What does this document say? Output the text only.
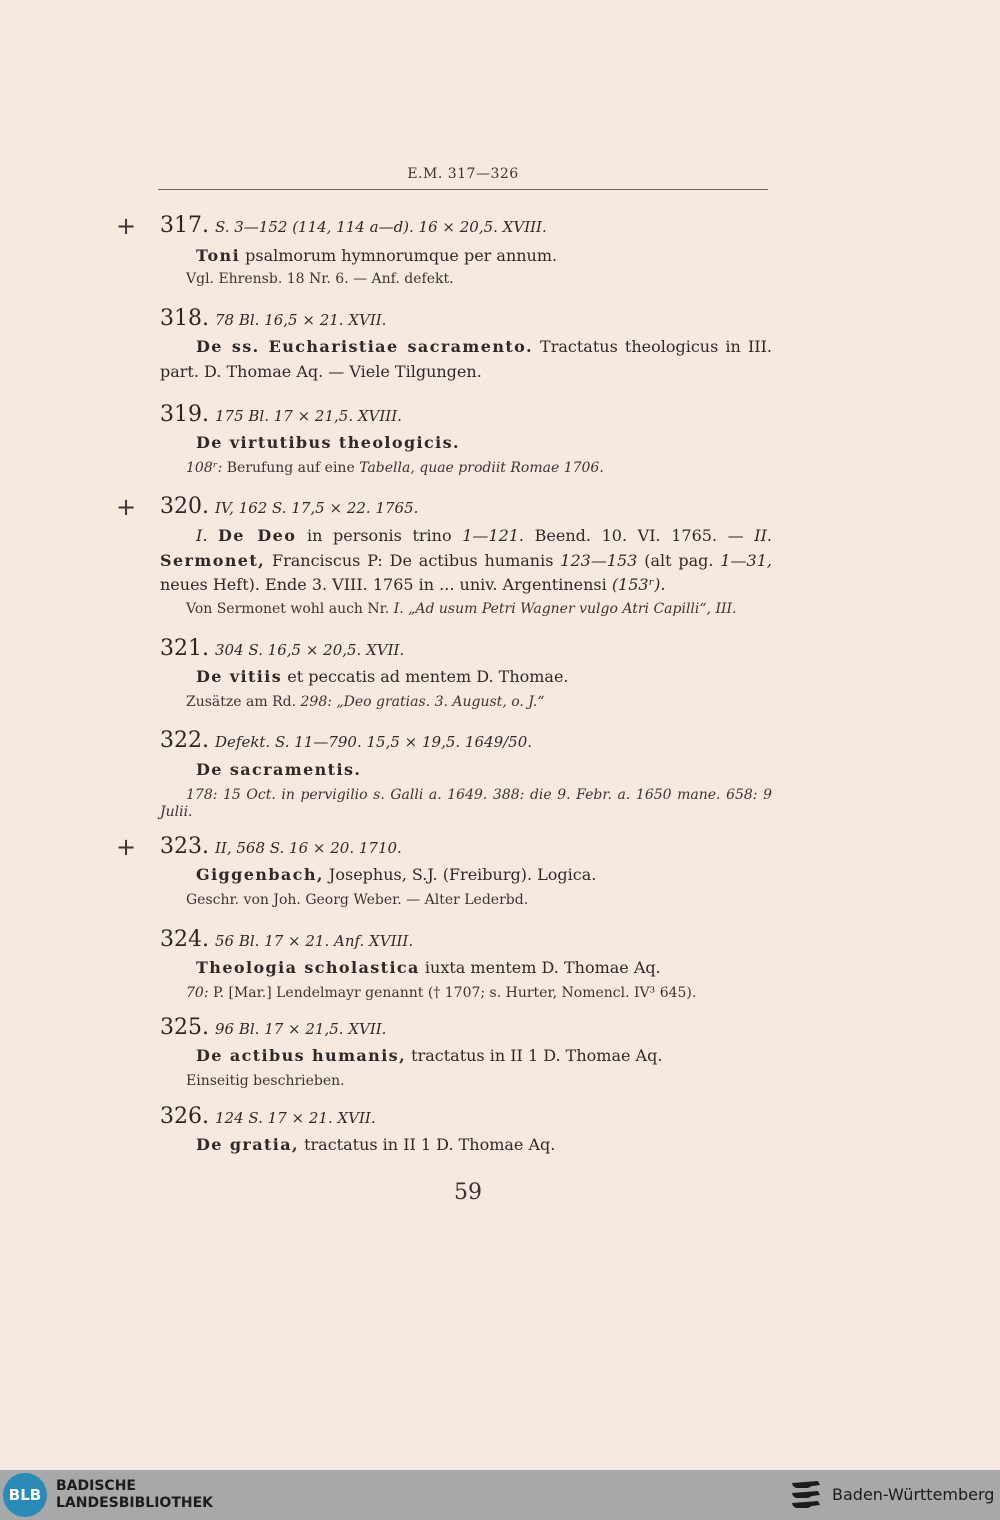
E.M. 317—326
+ 317. S. 3—152 (114, 114 a—d). 16 × 20,5. XVIII.
Toni psalmorum hymnorumque per annum.
Vgl. Ehrensb. 18 Nr. 6. — Anf. defekt.
318. 78 Bl. 16,5 × 21. XVII.
De ss. Eucharistiae sacramento. Tractatus theologicus in III. part. D. Thomae Aq. — Viele Tilgungen.
319. 175 Bl. 17 × 21,5. XVIII.
De virtutibus theologicis.
108ʳ: Berufung auf eine Tabella, quae prodiit Romae 1706.
+ 320. IV, 162 S. 17,5 × 22. 1765.
I. De Deo in personis trino 1—121. Beend. 10. VI. 1765. — II. Sermonet, Franciscus P: De actibus humanis 123—153 (alt pag. 1—31, neues Heft). Ende 3. VIII. 1765 in ... univ. Argentinensi (153ʳ).
Von Sermonet wohl auch Nr. I. „Ad usum Petri Wagner vulgo Atri Capilli“, III.
321. 304 S. 16,5 × 20,5. XVII.
De vitiis et peccatis ad mentem D. Thomae.
Zusätze am Rd. 298: „Deo gratias. 3. August, o. J.“
322. Defekt. S. 11—790. 15,5 × 19,5. 1649/50.
De sacramentis.
178: 15 Oct. in pervigilio s. Galli a. 1649. 388: die 9. Febr. a. 1650 mane. 658: 9 Julii.
+ 323. II, 568 S. 16 × 20. 1710.
Giggenbach, Josephus, S.J. (Freiburg). Logica.
Geschr. von Joh. Georg Weber. — Alter Lederbd.
324. 56 Bl. 17 × 21. Anf. XVIII.
Theologia scholastica iuxta mentem D. Thomae Aq.
70: P. [Mar.] Lendelmayr genannt († 1707; s. Hurter, Nomencl. IV³ 645).
325. 96 Bl. 17 × 21,5. XVII.
De actibus humanis, tractatus in II 1 D. Thomae Aq.
Einseitig beschrieben.
326. 124 S. 17 × 21. XVII.
De gratia, tractatus in II 1 D. Thomae Aq.
59
BLB	BADISCHE
LANDESBIBLIOTHEK	Baden-Württemberg
